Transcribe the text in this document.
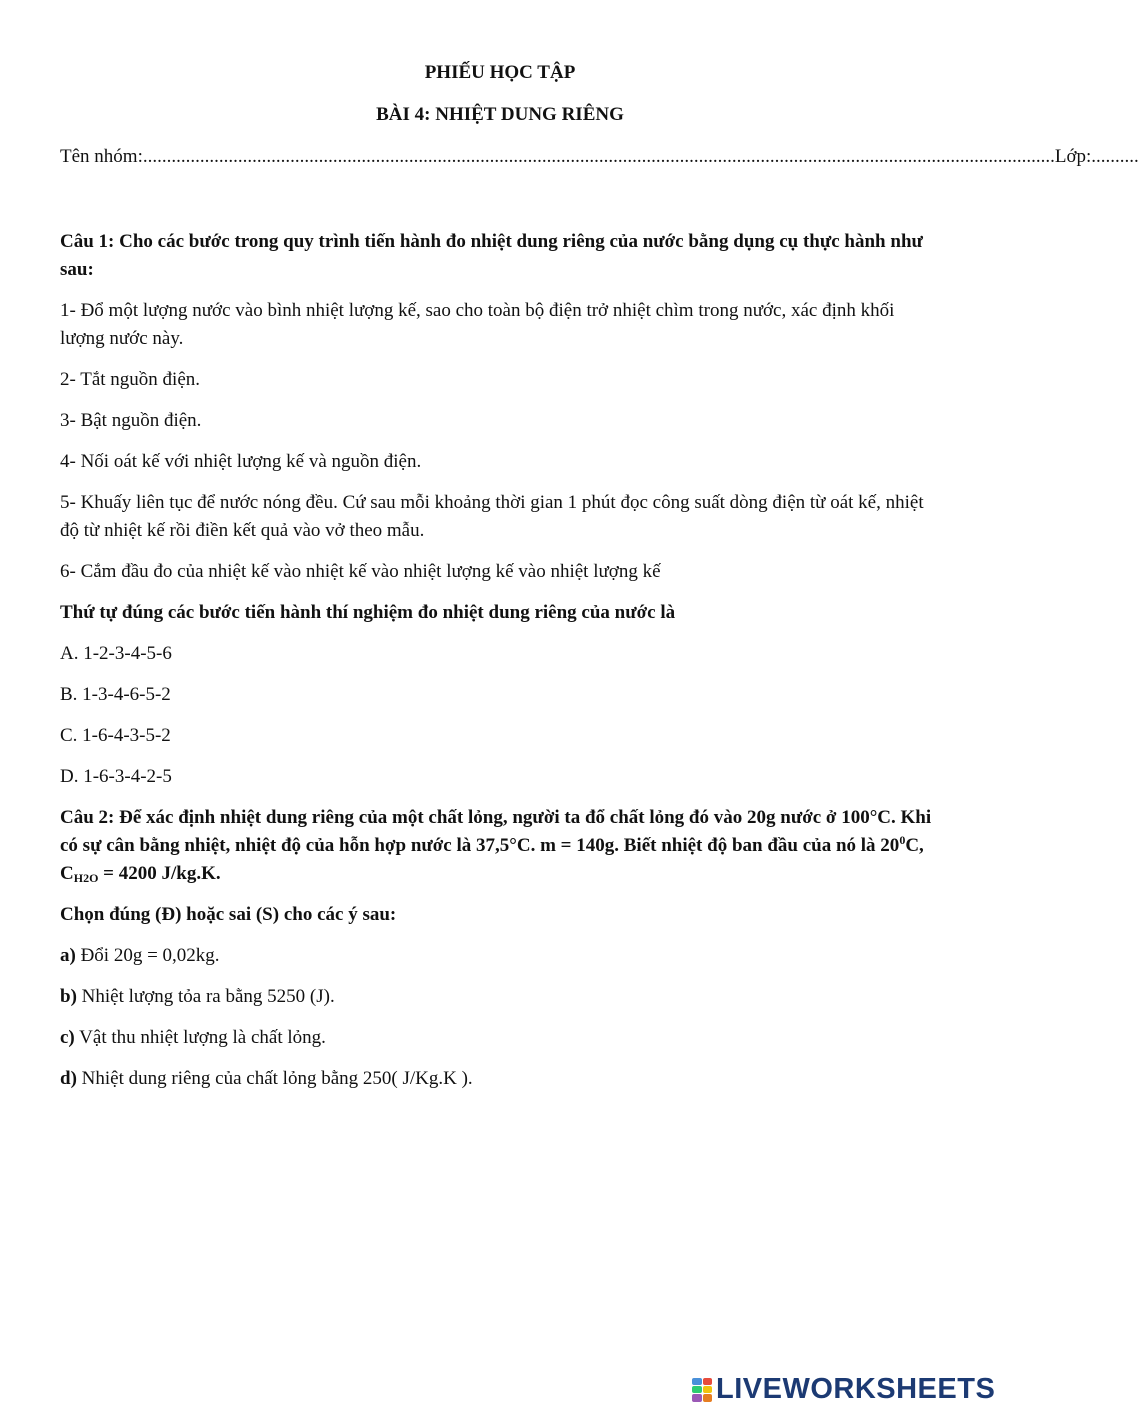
PHIẾU HỌC TẬP
BÀI 4: NHIỆT DUNG RIÊNG
Tên nhóm: ................................................................................................................................................................................................ Lớp:..........

Câu 1: Cho các bước trong quy trình tiến hành đo nhiệt dung riêng của nước bằng dụng cụ thực hành như sau:

1- Đổ một lượng nước vào bình nhiệt lượng kế, sao cho toàn bộ điện trở nhiệt chìm trong nước, xác định khối lượng nước này.

2- Tắt nguồn điện.

3- Bật nguồn điện.

4- Nối oát kế với nhiệt lượng kế và nguồn điện.

5- Khuấy liên tục để nước nóng đều. Cứ sau mỗi khoảng thời gian 1 phút đọc công suất dòng điện từ oát kế, nhiệt độ từ nhiệt kế rồi điền kết quả vào vở theo mẫu.

6- Cắm đầu đo của nhiệt kế vào nhiệt kế vào nhiệt lượng kế vào nhiệt lượng kế

Thứ tự đúng các bước tiến hành thí nghiệm đo nhiệt dung riêng của nước là

A. 1-2-3-4-5-6

B. 1-3-4-6-5-2

C. 1-6-4-3-5-2

D. 1-6-3-4-2-5

Câu 2: Để xác định nhiệt dung riêng của một chất lỏng, người ta đổ chất lỏng đó vào 20g nước ở 100°C. Khi có sự cân bằng nhiệt, nhiệt độ của hỗn hợp nước là 37,5°C. m = 140g. Biết nhiệt độ ban đầu của nó là $20^0C$, $C_{H2O} = 4200$ J/kg.K.

Chọn đúng (Đ) hoặc sai (S) cho các ý sau:

a) Đổi 20g = 0,02kg.

b) Nhiệt lượng tỏa ra bằng 5250 (J).

c) Vật thu nhiệt lượng là chất lỏng.

d) Nhiệt dung riêng của chất lỏng bằng 250( J/Kg.K ).

LIVEWORKSHEETS
